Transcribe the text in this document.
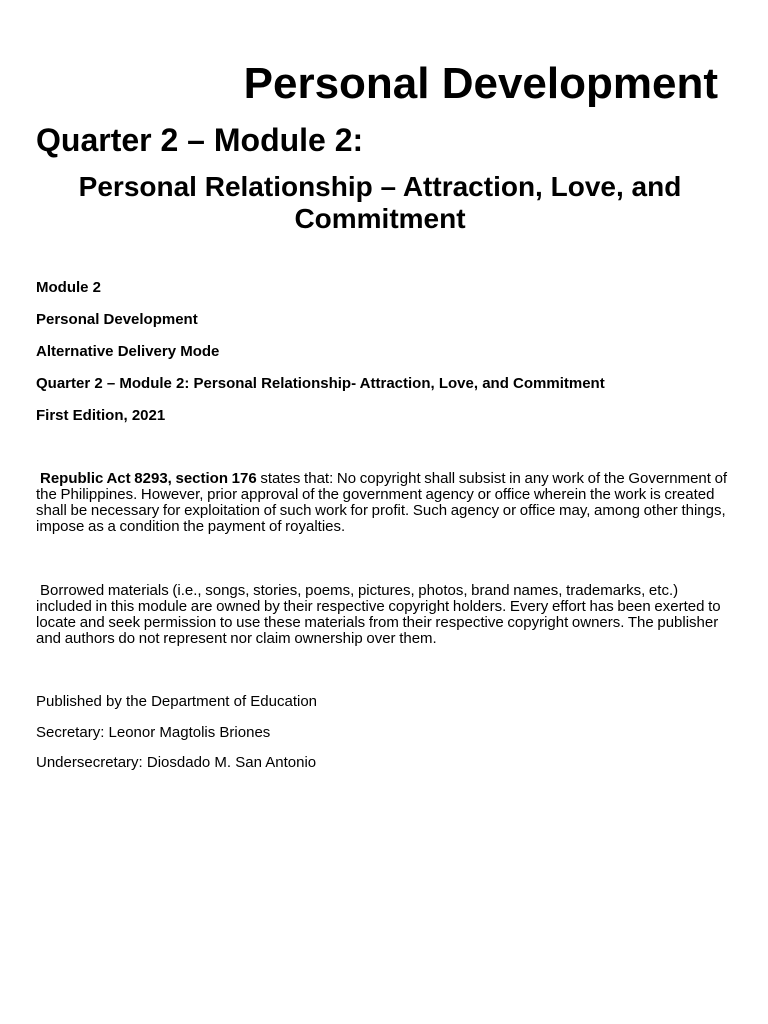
Personal Development
Quarter 2 – Module 2:
Personal Relationship – Attraction, Love, and Commitment

Module 2

Personal Development

Alternative Delivery Mode

Quarter 2 – Module 2: Personal Relationship- Attraction, Love, and Commitment

First Edition, 2021

Republic Act 8293, section 176 states that: No copyright shall subsist in any work of the Government of the Philippines. However, prior approval of the government agency or office wherein the work is created shall be necessary for exploitation of such work for profit. Such agency or office may, among other things, impose as a condition the payment of royalties.

Borrowed materials (i.e., songs, stories, poems, pictures, photos, brand names, trademarks, etc.) included in this module are owned by their respective copyright holders. Every effort has been exerted to locate and seek permission to use these materials from their respective copyright owners. The publisher and authors do not represent nor claim ownership over them.

Published by the Department of Education

Secretary: Leonor Magtolis Briones

Undersecretary: Diosdado M. San Antonio
